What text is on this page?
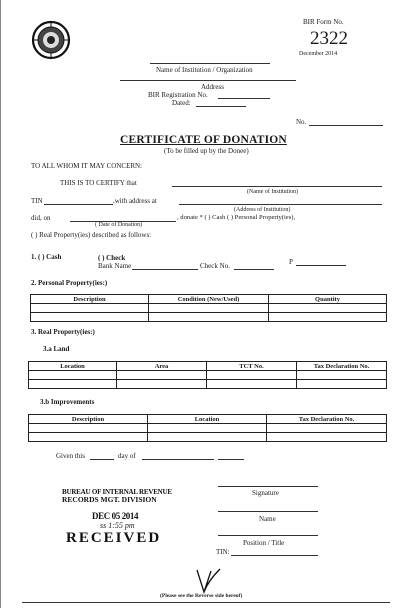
BIR Form No.
2322
December 2014
Name of Institution / Organization
Address
BIR Registration No.
Dated:
No.
CERTIFICATE OF DONATION
(To be filled up by the Donee)
TO ALL WHOM IT MAY CONCERN:
THIS IS TO CERTIFY that
(Name of Institution)
TIN	,with address at
(Address of Institution)
did, on	, donate * ( ) Cash ( ) Personal Property(ies),
( Date of Donation)
( ) Real Property(ies) described as follows:
1. ( ) Cash	( ) Check
Bank Name	Check No.	P
2. Personal Property(ies:)
Description	Condition (New/Used)	Quantity

3. Real Property(ies:)
3.a Land
Location	Area	TCT No.	Tax Declaration No.

3.b Improvements
Description	Location	Tax Declaration No.

Given this	day of
Signature
Name
Position / Title
TIN:
BUREAU OF INTERNAL REVENUE
RECORDS MGT. DIVISION
DEC 05 2014
ss 1:55 pm
RECEIVED
(Please see the Reverse side hereof)
